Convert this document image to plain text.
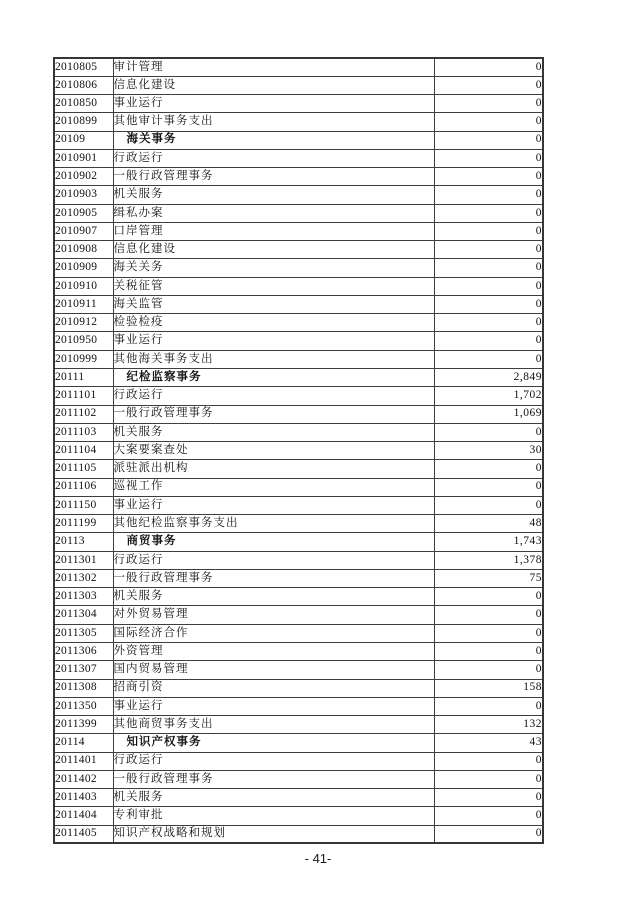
2010805	审计管理	0
2010806	信息化建设	0
2010850	事业运行	0
2010899	其他审计事务支出	0
20109	海关事务	0
2010901	行政运行	0
2010902	一般行政管理事务	0
2010903	机关服务	0
2010905	缉私办案	0
2010907	口岸管理	0
2010908	信息化建设	0
2010909	海关关务	0
2010910	关税征管	0
2010911	海关监管	0
2010912	检验检疫	0
2010950	事业运行	0
2010999	其他海关事务支出	0
20111	纪检监察事务	2,849
2011101	行政运行	1,702
2011102	一般行政管理事务	1,069
2011103	机关服务	0
2011104	大案要案查处	30
2011105	派驻派出机构	0
2011106	巡视工作	0
2011150	事业运行	0
2011199	其他纪检监察事务支出	48
20113	商贸事务	1,743
2011301	行政运行	1,378
2011302	一般行政管理事务	75
2011303	机关服务	0
2011304	对外贸易管理	0
2011305	国际经济合作	0
2011306	外资管理	0
2011307	国内贸易管理	0
2011308	招商引资	158
2011350	事业运行	0
2011399	其他商贸事务支出	132
20114	知识产权事务	43
2011401	行政运行	0
2011402	一般行政管理事务	0
2011403	机关服务	0
2011404	专利审批	0
2011405	知识产权战略和规划	0
- 41-
